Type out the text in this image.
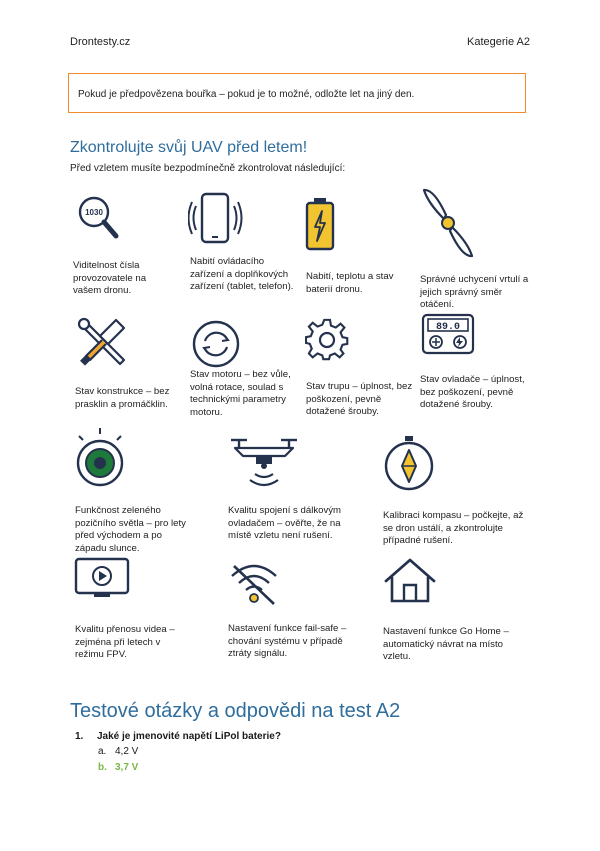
Drontesty.cz	Kategerie A2
Pokud je předpovězena bouřka – pokud je to možné, odložte let na jiný den.
Zkontrolujte svůj UAV před letem!
Před vzletem musíte bezpodmínečně zkontrolovat následující:
1030
Viditelnost čísla provozovatele na vašem dronu.
Nabití ovládacího zařízení a doplňkových zařízení (tablet, telefon).
Nabití, teplotu a stav baterií dronu.
Správné uchycení vrtulí a jejich správný směr otáčení.
Stav konstrukce – bez prasklin a promáčklin.
Stav motoru – bez vůle, volná rotace, soulad s technickými parametry motoru.
Stav trupu – úplnost, bez poškození, pevně dotažené šrouby.
89.0
Stav ovladače – úplnost, bez poškození, pevně dotažené šrouby.
Funkčnost zeleného pozičního světla – pro lety před východem a po západu slunce.
Kvalitu spojení s dálkovým ovladačem – ověřte, že na místě vzletu není rušení.
Kalibraci kompasu – počkejte, až se dron ustálí, a zkontrolujte případné rušení.
Kvalitu přenosu videa – zejména při letech v režimu FPV.
Nastavení funkce fail-safe – chování systému v případě ztráty signálu.
Nastavení funkce Go Home – automatický návrat na místo vzletu.
Testové otázky a odpovědi na test A2
1. Jaké je jmenovité napětí LiPol baterie?
a. 4,2 V
b. 3,7 V
